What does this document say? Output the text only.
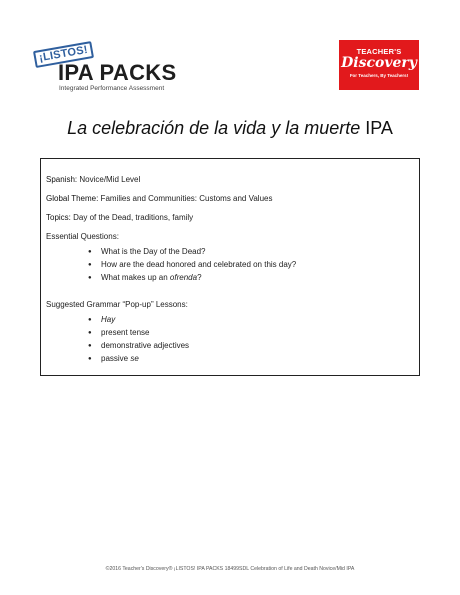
¡LISTOS!
IPA PACKS
Integrated Performance Assessment
TEACHER'S
Discovery
For Teachers, By Teachers!
La celebración de la vida y la muerte IPA
Spanish: Novice/Mid Level
Global Theme: Families and Communities: Customs and Values
Topics: Day of the Dead, traditions, family
Essential Questions:
● What is the Day of the Dead?
● How are the dead honored and celebrated on this day?
● What makes up an ofrenda?
Suggested Grammar “Pop-up” Lessons:
● Hay
● present tense
● demonstrative adjectives
● passive se
©2016 Teacher's Discovery® ¡LISTOS! IPA PACKS 18499SDL Celebration of Life and Death Novice/Mid IPA
